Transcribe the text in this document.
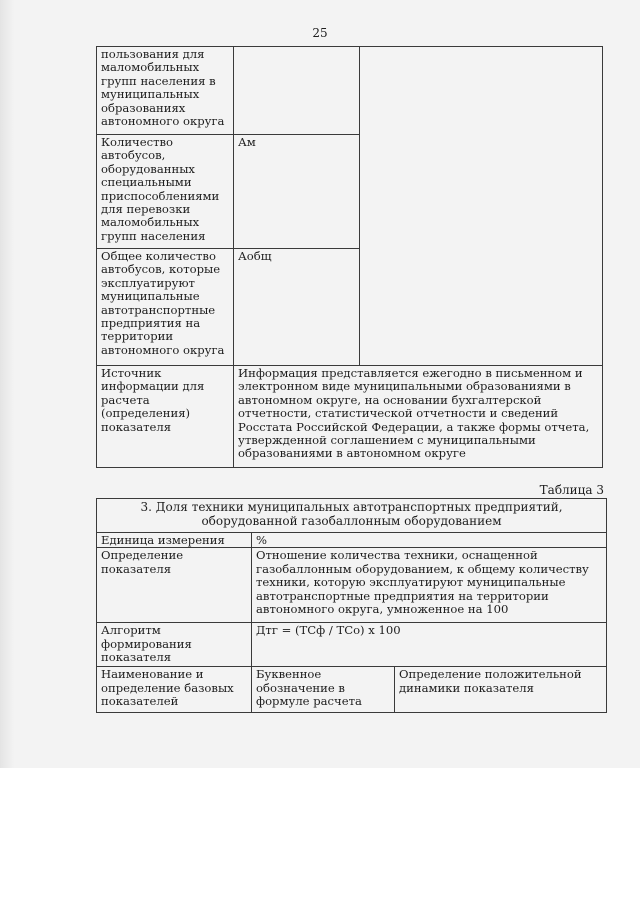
25
пользования для маломобильных групп населения в муниципальных образованиях автономного округа		
Количество автобусов, оборудованных специальными приспособлениями для перевозки маломобильных групп населения	Ам	
Общее количество автобусов, которые эксплуатируют муниципальные автотранспортные предприятия на территории автономного округа	Аобщ	
Источник информации для расчета (определения) показателя	Информация представляется ежегодно в письменном и электронном виде муниципальными образованиями в автономном округе, на основании бухгалтерской отчетности, статистической отчетности и сведений Росстата Российской Федерации, а также формы отчета, утвержденной соглашением с муниципальными образованиями в автономном округе	
Таблица 3
3. Доля техники муниципальных автотранспортных предприятий, оборудованной газобаллонным оборудованием		
Единица измерения	%	
Определение показателя	Отношение количества техники, оснащенной газобаллонным оборудованием, к общему количеству техники, которую эксплуатируют муниципальные автотранспортные предприятия на территории автономного округа, умноженное на 100	
Алгоритм формирования показателя	Дтг = (ТСф / ТСо) х 100	
Наименование и определение базовых показателей	Буквенное обозначение в формуле расчета	Определение положительной динамики показателя
